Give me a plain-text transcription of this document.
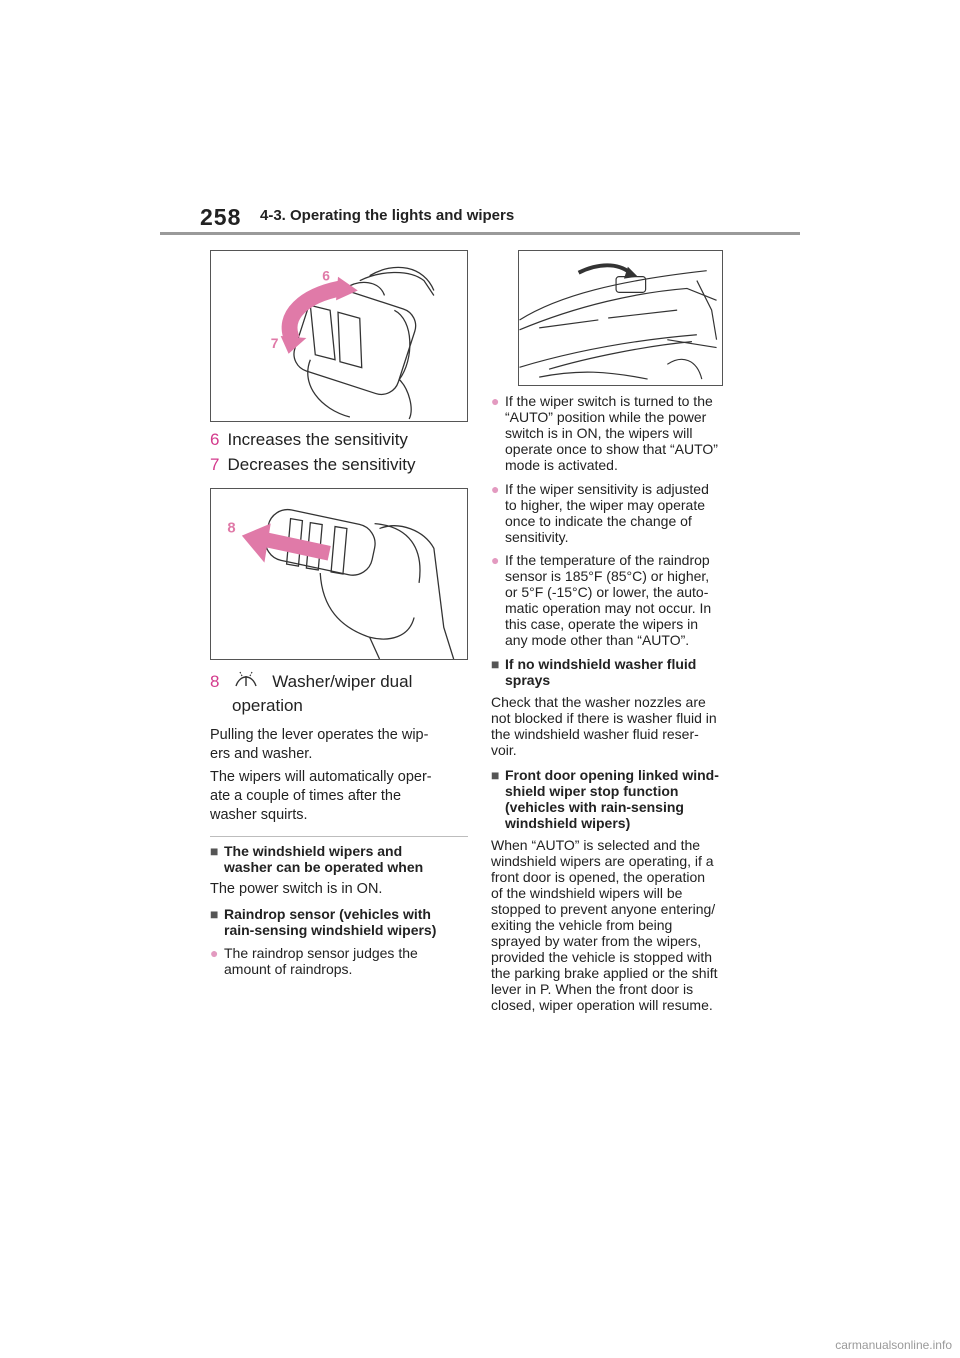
258 4-3. Operating the lights and wipers
6
7
6 Increases the sensitivity
7 Decreases the sensitivity
8
8	Washer/wiper dual
operation
Pulling the lever operates the wip-
ers and washer.
The wipers will automatically oper-
ate a couple of times after the
washer squirts.
■ The windshield wipers and
washer can be operated when
The power switch is in ON.
■ Raindrop sensor (vehicles with
rain-sensing windshield wipers)
● The raindrop sensor judges the
amount of raindrops.
● If the wiper switch is turned to the
“AUTO” position while the power
switch is in ON, the wipers will
operate once to show that “AUTO”
mode is activated.
● If the wiper sensitivity is adjusted
to higher, the wiper may operate
once to indicate the change of
sensitivity.
● If the temperature of the raindrop
sensor is 185°F (85°C) or higher,
or 5°F (-15°C) or lower, the auto-
matic operation may not occur. In
this case, operate the wipers in
any mode other than “AUTO”.
■ If no windshield washer fluid
sprays
Check that the washer nozzles are
not blocked if there is washer fluid in
the windshield washer fluid reser-
voir.
■ Front door opening linked wind-
shield wiper stop function
(vehicles with rain-sensing
windshield wipers)
When “AUTO” is selected and the
windshield wipers are operating, if a
front door is opened, the operation
of the windshield wipers will be
stopped to prevent anyone entering/
exiting the vehicle from being
sprayed by water from the wipers,
provided the vehicle is stopped with
the parking brake applied or the shift
lever in P. When the front door is
closed, wiper operation will resume.
carmanualsonline.info
